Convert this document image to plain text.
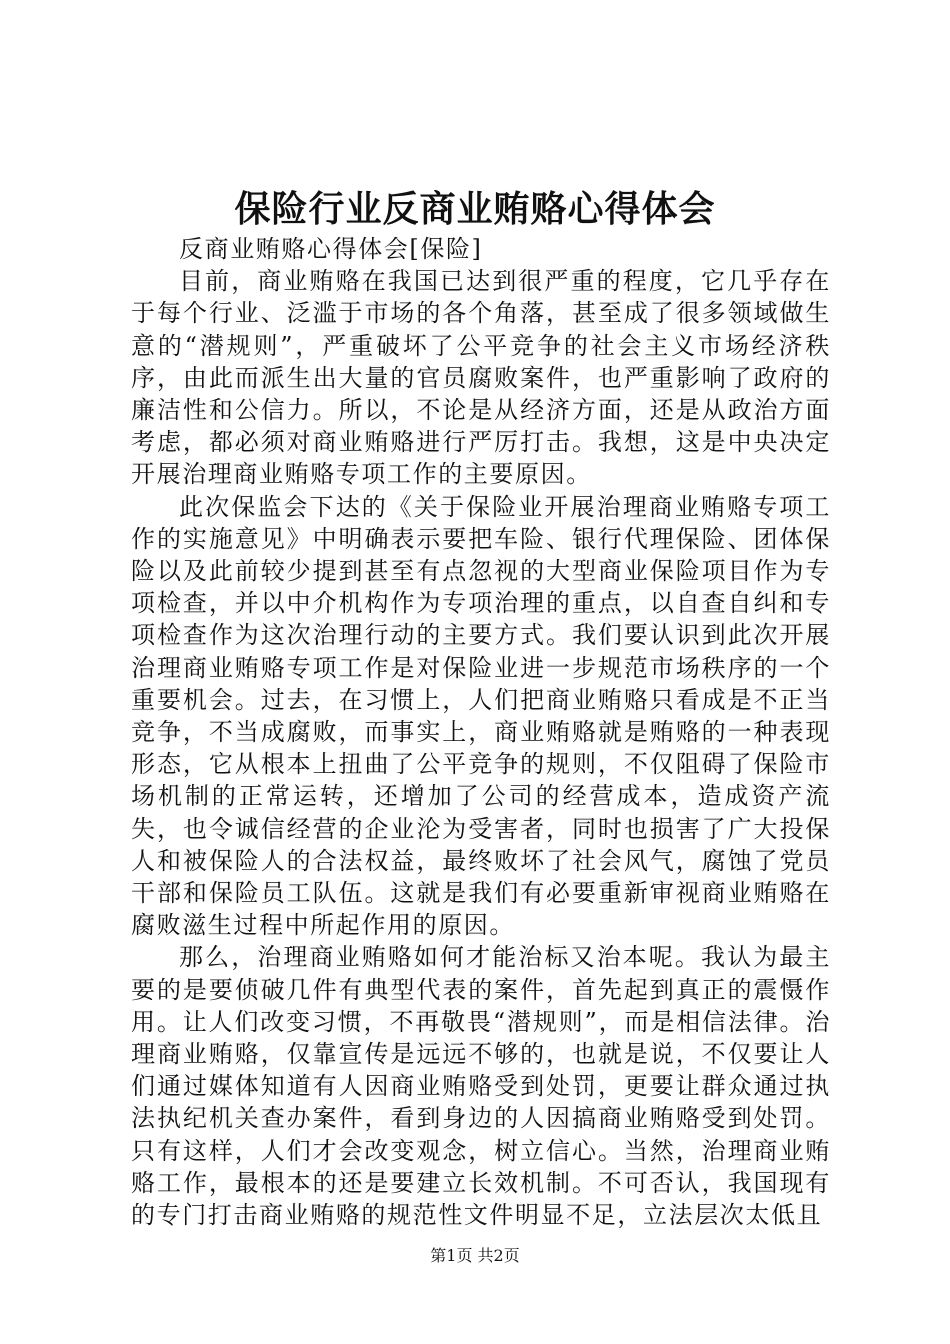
保险行业反商业贿赂心得体会

反商业贿赂心得体会[保险]

目前，商业贿赂在我国已达到很严重的程度，它几乎存在于每个行业、泛滥于市场的各个角落，甚至成了很多领域做生意的“潜规则”，严重破坏了公平竞争的社会主义市场经济秩序，由此而派生出大量的官员腐败案件，也严重影响了政府的廉洁性和公信力。所以，不论是从经济方面，还是从政治方面考虑，都必须对商业贿赂进行严厉打击。我想，这是中央决定开展治理商业贿赂专项工作的主要原因。

此次保监会下达的《关于保险业开展治理商业贿赂专项工作的实施意见》中明确表示要把车险、银行代理保险、团体保险以及此前较少提到甚至有点忽视的大型商业保险项目作为专项检查，并以中介机构作为专项治理的重点，以自查自纠和专项检查作为这次治理行动的主要方式。我们要认识到此次开展治理商业贿赂专项工作是对保险业进一步规范市场秩序的一个重要机会。过去，在习惯上，人们把商业贿赂只看成是不正当竞争，不当成腐败，而事实上，商业贿赂就是贿赂的一种表现形态，它从根本上扭曲了公平竞争的规则，不仅阻碍了保险市场机制的正常运转，还增加了公司的经营成本，造成资产流失，也令诚信经营的企业沦为受害者，同时也损害了广大投保人和被保险人的合法权益，最终败坏了社会风气，腐蚀了党员干部和保险员工队伍。这就是我们有必要重新审视商业贿赂在腐败滋生过程中所起作用的原因。

那么，治理商业贿赂如何才能治标又治本呢。我认为最主要的是要侦破几件有典型代表的案件，首先起到真正的震慑作用。让人们改变习惯，不再敬畏“潜规则”，而是相信法律。治理商业贿赂，仅靠宣传是远远不够的，也就是说，不仅要让人们通过媒体知道有人因商业贿赂受到处罚，更要让群众通过执法执纪机关查办案件，看到身边的人因搞商业贿赂受到处罚。只有这样，人们才会改变观念，树立信心。当然，治理商业贿赂工作，最根本的还是要建立长效机制。不可否认，我国现有的专门打击商业贿赂的规范性文件明显不足，立法层次太低且

第1页 共2页
